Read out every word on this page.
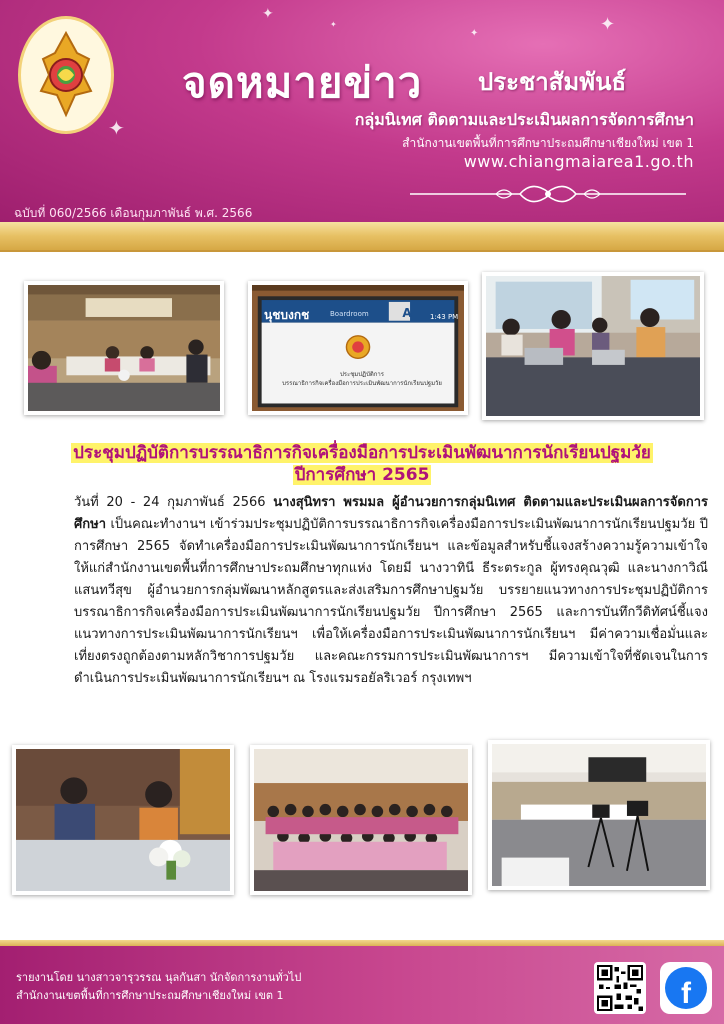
✦
✦	✦
✦
✦
จดหมายข่าว ประชาสัมพันธ์
กลุ่มนิเทศ ติดตามและประเมินผลการจัดการศึกษา
สำนักงานเขตพื้นที่การศึกษาประถมศึกษาเชียงใหม่ เขต 1
www.chiangmaiarea1.go.th
ฉบับที่ 060/2566 เดือนกุมภาพันธ์ พ.ศ. 2566
นุชบงกช	Boardroom	A	1:43 PM
ประชุมปฏิบัติการ
บรรณาธิการกิจเครื่องมือการประเมินพัฒนาการนักเรียนปฐมวัย
ประชุมปฏิบัติการบรรณาธิการกิจเครื่องมือการประเมินพัฒนาการนักเรียนปฐมวัย
ปีการศึกษา 2565

วันที่ 20 - 24 กุมภาพันธ์ 2566 นางสุนิทรา พรมมล ผู้อำนวยการกลุ่มนิเทศ ติดตามและประเมินผลการจัดการศึกษา เป็นคณะทำงานฯ เข้าร่วมประชุมปฏิบัติการบรรณาธิการกิจเครื่องมือการประเมินพัฒนาการนักเรียนปฐมวัย ปีการศึกษา 2565 จัดทำเครื่องมือการประเมินพัฒนาการนักเรียนฯ และข้อมูลสำหรับชี้แจงสร้างความรู้ความเข้าใจให้แก่สำนักงานเขตพื้นที่การศึกษาประถมศึกษาทุกแห่ง โดยมี นางวาทินี ธีระตระกูล ผู้ทรงคุณวุฒิ และนางกาวิณี แสนทวีสุข ผู้อำนวยการกลุ่มพัฒนาหลักสูตรและส่งเสริมการศึกษาปฐมวัย บรรยายแนวทางการประชุมปฏิบัติการบรรณาธิการกิจเครื่องมือการประเมินพัฒนาการนักเรียนปฐมวัย ปีการศึกษา 2565 และการบันทึกวีดิทัศน์ชี้แจงแนวทางการประเมินพัฒนาการนักเรียนฯ เพื่อให้เครื่องมือการประเมินพัฒนาการนักเรียนฯ มีค่าความเชื่อมั่นและเที่ยงตรงถูกต้องตามหลักวิชาการปฐมวัย และคณะกรรมการประเมินพัฒนาการฯ มีความเข้าใจที่ชัดเจนในการดำเนินการประเมินพัฒนาการนักเรียนฯ ณ โรงแรมรอยัลริเวอร์ กรุงเทพฯ

รายงานโดย นางสาวจารุวรรณ นุลกันสา นักจัดการงานทั่วไป
สำนักงานเขตพื้นที่การศึกษาประถมศึกษาเชียงใหม่ เขต 1	f
